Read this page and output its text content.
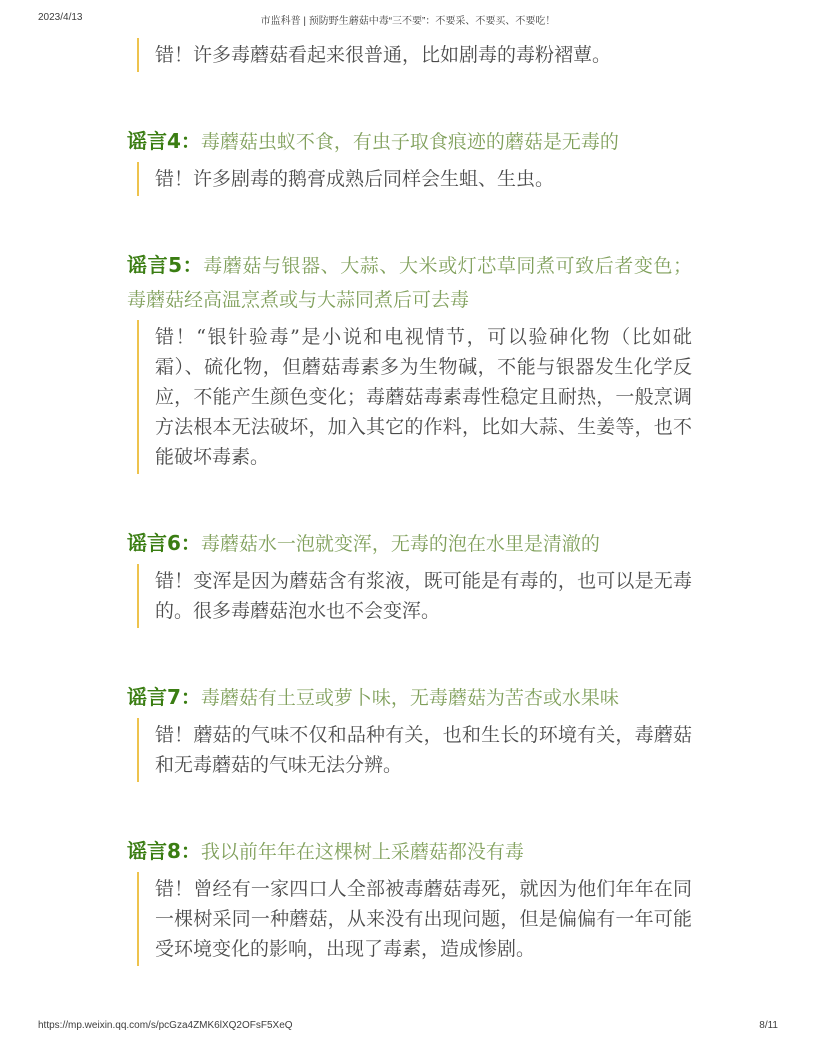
2023/4/13	市监科普 | 预防野生蘑菇中毒“三不要”：不要采、不要买、不要吃！

错！许多毒蘑菇看起来很普通，比如剧毒的毒粉褶蕈。

谣言4：毒蘑菇虫蚁不食，有虫子取食痕迹的蘑菇是无毒的

错！许多剧毒的鹅膏成熟后同样会生蛆、生虫。

谣言5：毒蘑菇与银器、大蒜、大米或灯芯草同煮可致后者变色；毒蘑菇经高温烹煮或与大蒜同煮后可去毒

错！“银针验毒”是小说和电视情节，可以验砷化物（比如砒霜）、硫化物，但蘑菇毒素多为生物碱，不能与银器发生化学反应，不能产生颜色变化；毒蘑菇毒素毒性稳定且耐热，一般烹调方法根本无法破坏，加入其它的作料，比如大蒜、生姜等，也不能破坏毒素。

谣言6：毒蘑菇水一泡就变浑，无毒的泡在水里是清澈的

错！变浑是因为蘑菇含有浆液，既可能是有毒的，也可以是无毒的。很多毒蘑菇泡水也不会变浑。

谣言7：毒蘑菇有土豆或萝卜味，无毒蘑菇为苦杏或水果味

错！蘑菇的气味不仅和品种有关，也和生长的环境有关，毒蘑菇和无毒蘑菇的气味无法分辨。

谣言8：我以前年年在这棵树上采蘑菇都没有毒

错！曾经有一家四口人全部被毒蘑菇毒死，就因为他们年年在同一棵树采同一种蘑菇，从来没有出现问题，但是偏偏有一年可能受环境变化的影响，出现了毒素，造成惨剧。

https://mp.weixin.qq.com/s/pcGza4ZMK6lXQ2OFsF5XeQ	8/11
